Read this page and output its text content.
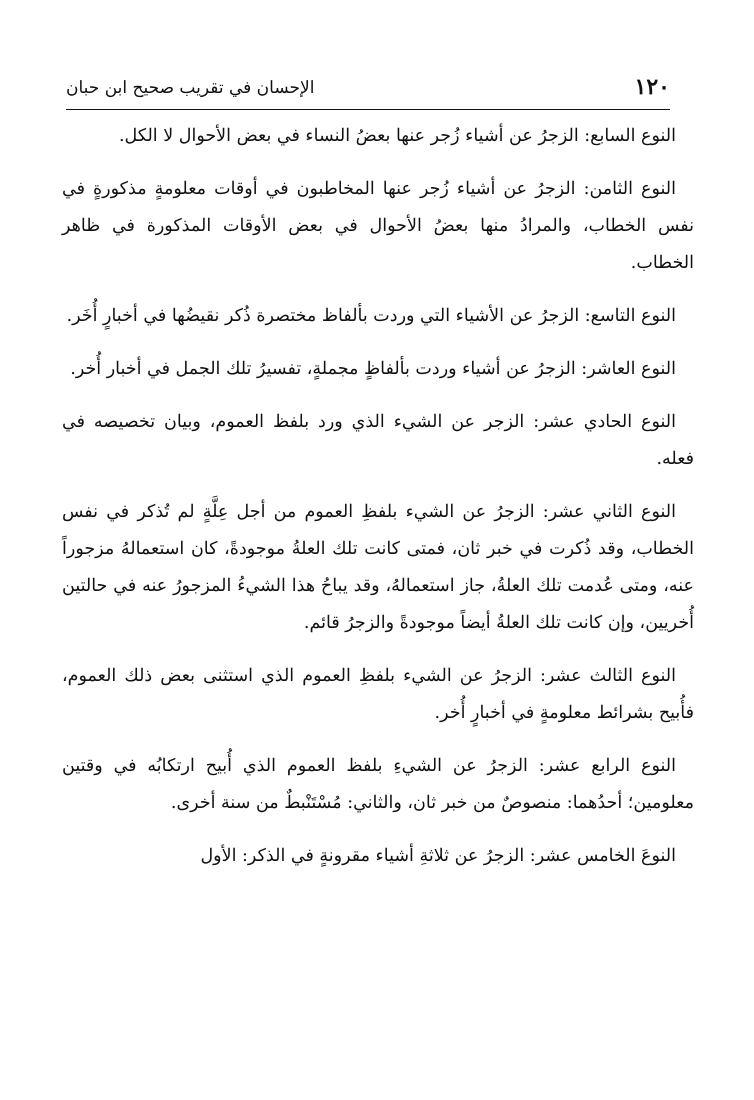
١٢٠
الإحسان في تقريب صحيح ابن حبان

النوع السابع: الزجرُ عن أشياء زُجر عنها بعضُ النساء في بعض الأحوال لا الكل.

النوع الثامن: الزجرُ عن أشياء زُجر عنها المخاطبون في أوقات معلومةٍ مذكورةٍ في نفس الخطاب، والمرادُ منها بعضُ الأحوال في بعض الأوقات المذكورة في ظاهر الخطاب.

النوع التاسع: الزجرُ عن الأشياء التي وردت بألفاظ مختصرة ذُكر نقيضُها في أخبارٍ أُخَر.

النوع العاشر: الزجرُ عن أشياء وردت بألفاظٍ مجملةٍ، تفسيرُ تلك الجمل في أخبار أُخر.

النوع الحادي عشر: الزجر عن الشيء الذي ورد بلفظ العموم، وبيان تخصيصه في فعله.

النوع الثاني عشر: الزجرُ عن الشيء بلفظِ العموم من أجل عِلَّةٍ لم تُذكر في نفس الخطاب، وقد ذُكرت في خبر ثان، فمتى كانت تلك العلةُ موجودةً، كان استعمالهُ مزجوراً عنه، ومتى عُدمت تلك العلةُ، جاز استعمالهُ، وقد يباحُ هذا الشيءُ المزجورُ عنه في حالتين أُخريين، وإن كانت تلك العلةُ أيضاً موجودةً والزجرُ قائم.

النوع الثالث عشر: الزجرُ عن الشيء بلفظِ العموم الذي استثنى بعض ذلك العموم، فأُبيح بشرائط معلومةٍ في أخبارٍ أُخر.

النوع الرابع عشر: الزجرُ عن الشيءِ بلفظ العموم الذي أُبيح ارتكابُه في وقتين معلومين؛ أحدُهما: منصوصٌ من خبر ثان، والثاني: مُسْتَنْبطٌ من سنة أخرى.

النوعَ الخامس عشر: الزجرُ عن ثلاثةِ أشياء مقرونةٍ في الذكر: الأول
